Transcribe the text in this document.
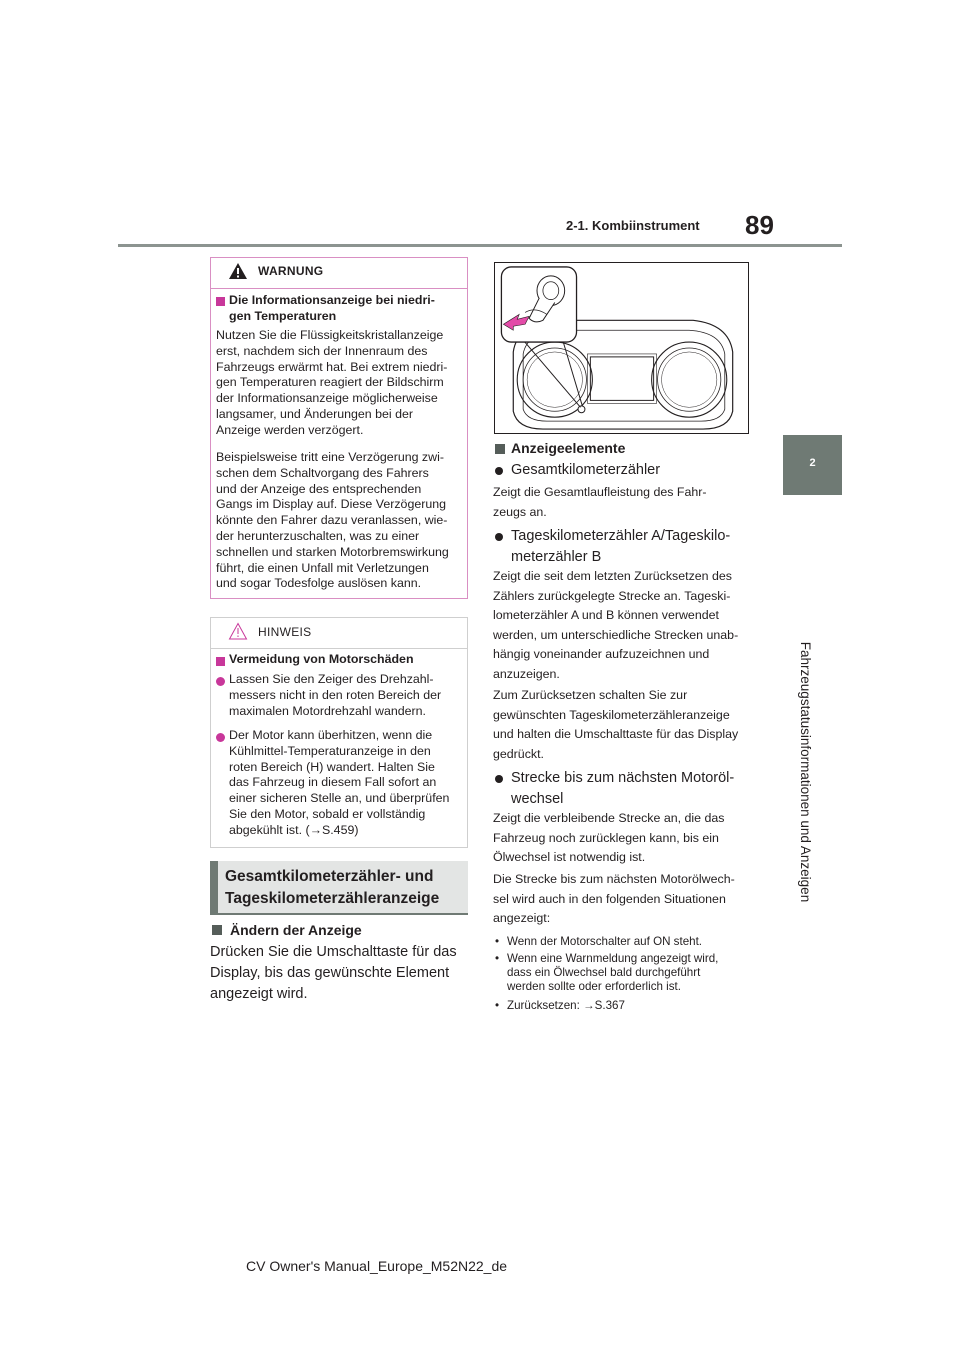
2-1. Kombiinstrument 89
2
Fahrzeugstatusinformationen und Anzeigen
WARNUNG
Die Informationsanzeige bei niedri-
gen Temperaturen
Nutzen Sie die Flüssigkeitskristallanzeige
erst, nachdem sich der Innenraum des
Fahrzeugs erwärmt hat. Bei extrem niedri-
gen Temperaturen reagiert der Bildschirm
der Informationsanzeige möglicherweise
langsamer, und Änderungen bei der
Anzeige werden verzögert.
Beispielsweise tritt eine Verzögerung zwi-
schen dem Schaltvorgang des Fahrers
und der Anzeige des entsprechenden
Gangs im Display auf. Diese Verzögerung
könnte den Fahrer dazu veranlassen, wie-
der herunterzuschalten, was zu einer
schnellen und starken Motorbremswirkung
führt, die einen Unfall mit Verletzungen
und sogar Todesfolge auslösen kann.
HINWEIS
Vermeidung von Motorschäden
Lassen Sie den Zeiger des Drehzahl-
messers nicht in den roten Bereich der
maximalen Motordrehzahl wandern.
Der Motor kann überhitzen, wenn die
Kühlmittel-Temperaturanzeige in den
roten Bereich (H) wandert. Halten Sie
das Fahrzeug in diesem Fall sofort an
einer sicheren Stelle an, und überprüfen
Sie den Motor, sobald er vollständig
abgekühlt ist. (→S.459)
Gesamtkilometerzähler- und
Tageskilometerzähleranzeige
Ändern der Anzeige
Drücken Sie die Umschalttaste für das
Display, bis das gewünschte Element
angezeigt wird.
Anzeigeelemente
Gesamtkilometerzähler
Zeigt die Gesamtlaufleistung des Fahr-
zeugs an.
Tageskilometerzähler A/Tageskilo-
meterzähler B
Zeigt die seit dem letzten Zurücksetzen des
Zählers zurückgelegte Strecke an. Tageski-
lometerzähler A und B können verwendet
werden, um unterschiedliche Strecken unab-
hängig voneinander aufzuzeichnen und
anzuzeigen.
Zum Zurücksetzen schalten Sie zur
gewünschten Tageskilometerzähleranzeige
und halten die Umschalttaste für das Display
gedrückt.
Strecke bis zum nächsten Motoröl-
wechsel
Zeigt die verbleibende Strecke an, die das
Fahrzeug noch zurücklegen kann, bis ein
Ölwechsel ist notwendig ist.
Die Strecke bis zum nächsten Motorölwech-
sel wird auch in den folgenden Situationen
angezeigt:
• Wenn der Motorschalter auf ON steht.
• Wenn eine Warnmeldung angezeigt wird,
dass ein Ölwechsel bald durchgeführt
werden sollte oder erforderlich ist.
• Zurücksetzen: →S.367
CV Owner's Manual_Europe_M52N22_de
